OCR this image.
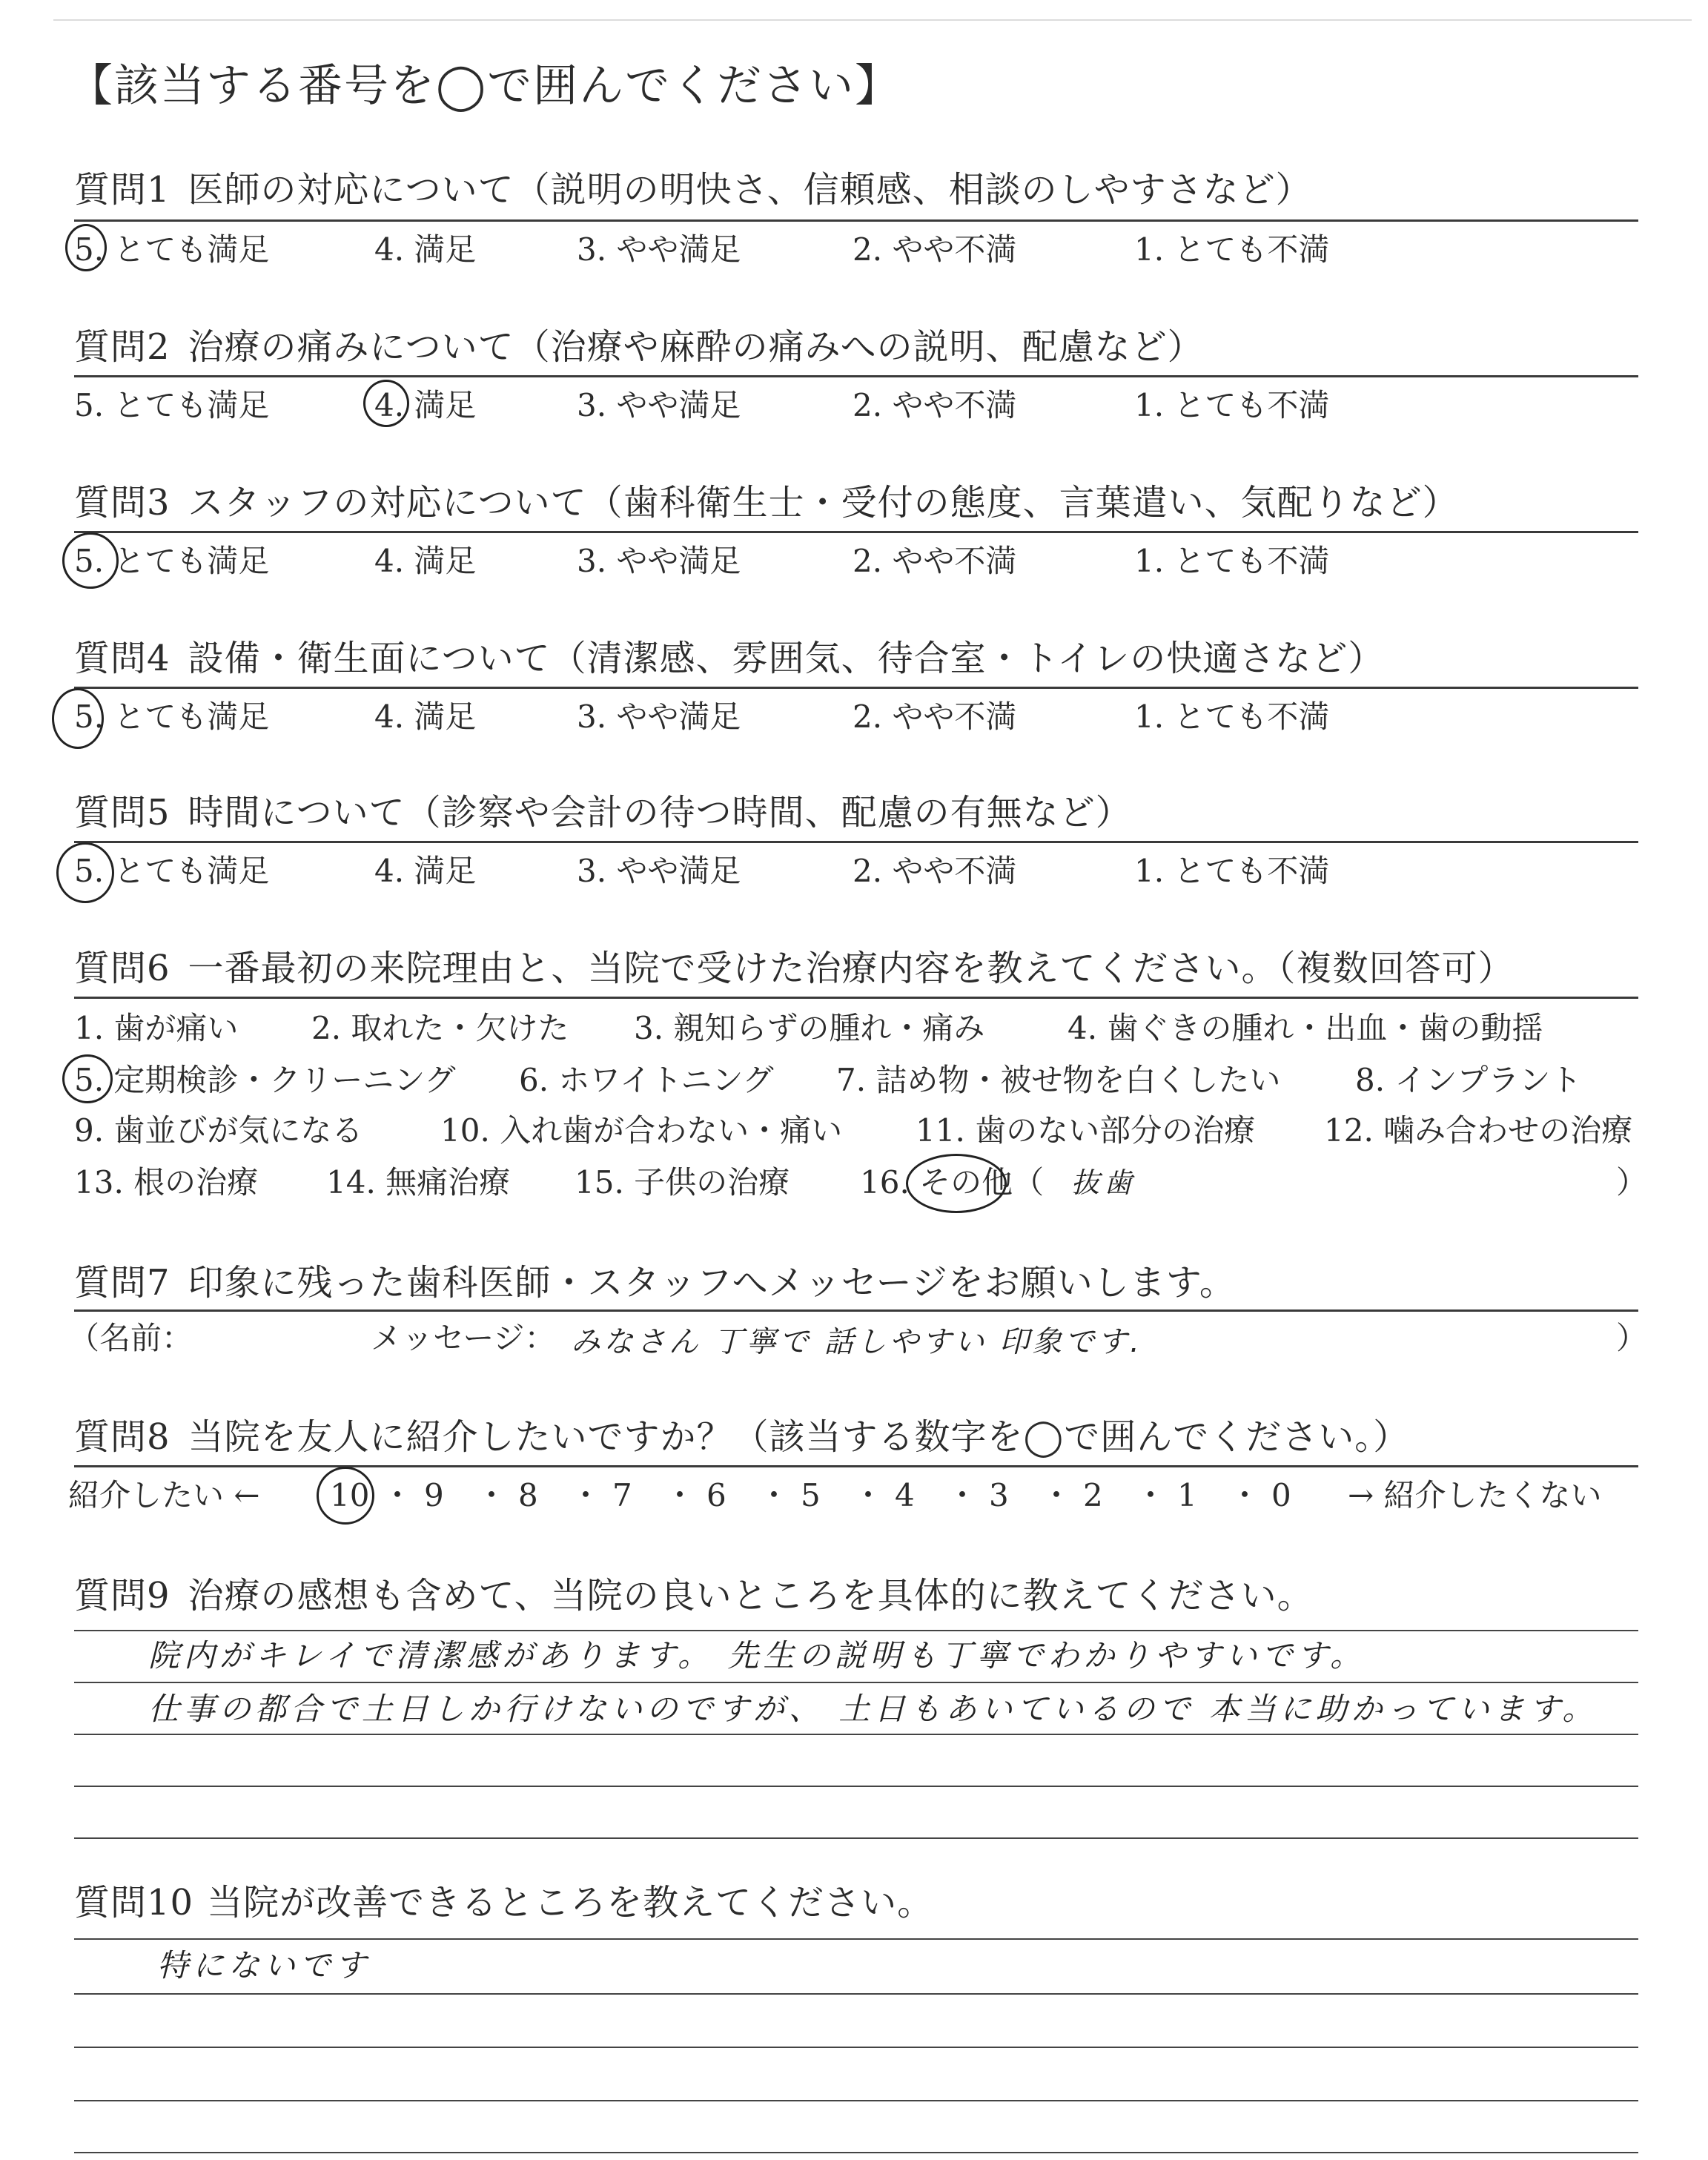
【該当する番号を◯で囲んでください】
質問1 医師の対応について（説明の明快さ、信頼感、相談のしやすさなど）
5. とても満足	4. 満足	3. やや満足	2. やや不満	1. とても不満
質問2 治療の痛みについて（治療や麻酔の痛みへの説明、配慮など）
5. とても満足	4. 満足	3. やや満足	2. やや不満	1. とても不満
質問3 スタッフの対応について（歯科衛生士・受付の態度、言葉遣い、気配りなど）
5. とても満足	4. 満足	3. やや満足	2. やや不満	1. とても不満
質問4 設備・衛生面について（清潔感、雰囲気、待合室・トイレの快適さなど）
5. とても満足	4. 満足	3. やや満足	2. やや不満	1. とても不満
質問5 時間について（診察や会計の待つ時間、配慮の有無など）
5. とても満足	4. 満足	3. やや満足	2. やや不満	1. とても不満
質問6 一番最初の来院理由と、当院で受けた治療内容を教えてください。（複数回答可）
1. 歯が痛い 2. 取れた・欠けた 3. 親知らずの腫れ・痛み	4. 歯ぐきの腫れ・出血・歯の動揺
5. 定期検診・クリーニング 6. ホワイトニング 7. 詰め物・被せ物を白くしたい 8. インプラント
9. 歯並びが気になる 10. 入れ歯が合わない・痛い 11. 歯のない部分の治療 12. 噛み合わせの治療
13. 根の治療 14. 無痛治療 15. 子供の治療 16. その他（ 抜歯	）
質問7 印象に残った歯科医師・スタッフへメッセージをお願いします。
（名前：	メッセージ： みなさん 丁寧で 話しやすい 印象です.	）
質問8 当院を友人に紹介したいですか？（該当する数字を◯で囲んでください。）
紹介したい ← 10 ・ 9 ・ 8 ・ 7 ・ 6 ・ 5 ・ 4 ・ 3 ・ 2 ・ 1 ・ 0 → 紹介したくない
質問9 治療の感想も含めて、当院の良いところを具体的に教えてください。
院内がキレイで清潔感があります。 先生の説明も丁寧でわかりやすいです。
仕事の都合で土日しか行けないのですが、 土日もあいているので 本当に助かっています。
質問10 当院が改善できるところを教えてください。
特にないです
